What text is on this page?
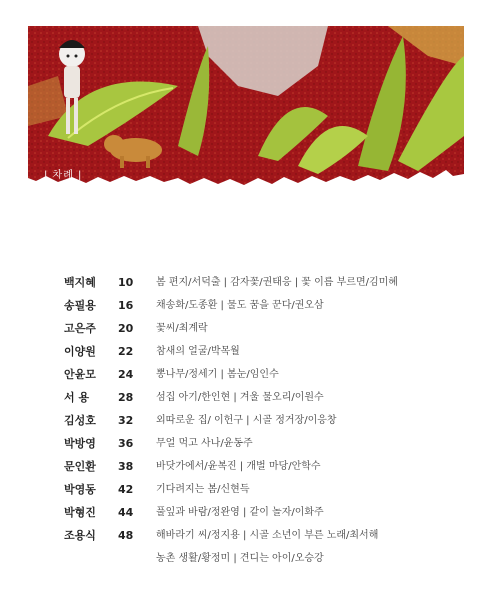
| 차례 |
백지혜 10 봄 편지/서덕출 | 감자꽃/권태응 | 꽃 이름 부르면/김미혜
송필용 16 채송화/도종환 | 물도 꿈을 꾼다/권오삼
고은주 20 꽃씨/최계락
이양원 22 참새의 얼굴/박목월
안윤모 24 뽕나무/정세기 | 봄눈/임인수
서 용	28 섬집 아기/한인현 | 겨울 물오리/이원수
김성호 32 외따로운 집/ 이헌구 | 시골 정거장/이응창
박방영 36 무얼 먹고 사나/윤동주
문인환 38 바닷가에서/윤복진 | 개벌 마당/안학수
박영동 42 기다려지는 봄/신현득
박형진 44 풀잎과 바람/정완영 | 같이 놀자/이화주
조용식 48 해바라기 씨/정지용 | 시골 소년이 부른 노래/최서해
농촌 생활/황정미 | 견디는 아이/오승강
